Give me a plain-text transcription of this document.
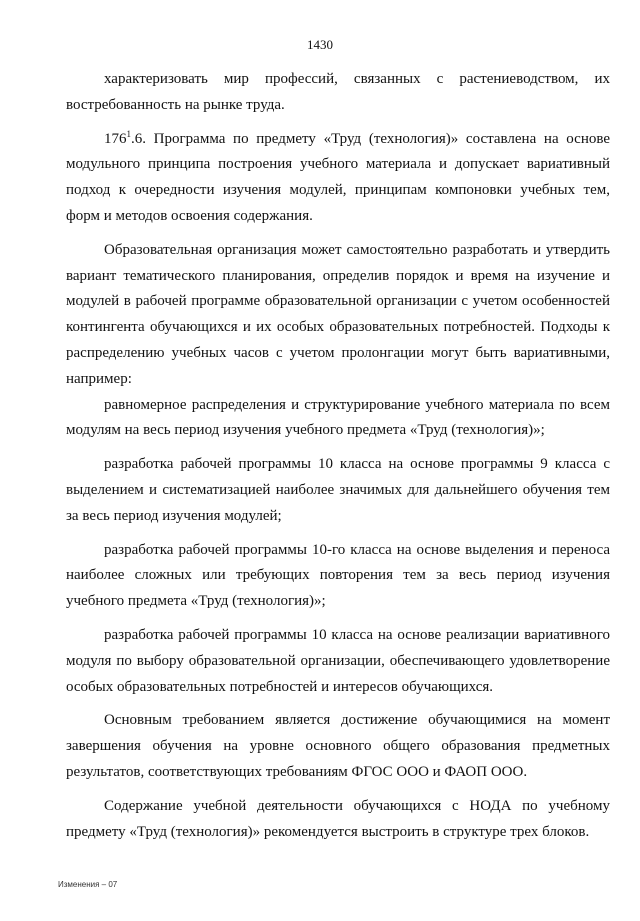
1430

характеризовать мир профессий, связанных с растениеводством, их востребованность на рынке труда.

$176^1.6$. Программа по предмету «Труд (технология)» составлена на основе модульного принципа построения учебного материала и допускает вариативный подход к очередности изучения модулей, принципам компоновки учебных тем, форм и методов освоения содержания.

Образовательная организация может самостоятельно разработать и утвердить вариант тематического планирования, определив порядок и время на изучение и модулей в рабочей программе образовательной организации с учетом особенностей контингента обучающихся и их особых образовательных потребностей. Подходы к распределению учебных часов с учетом пролонгации могут быть вариативными, например:

равномерное распределения и структурирование учебного материала по всем модулям на весь период изучения учебного предмета «Труд (технология)»;

разработка рабочей программы 10 класса на основе программы 9 класса с выделением и систематизацией наиболее значимых для дальнейшего обучения тем за весь период изучения модулей;

разработка рабочей программы 10-го класса на основе выделения и переноса наиболее сложных или требующих повторения тем за весь период изучения учебного предмета «Труд (технология)»;

разработка рабочей программы 10 класса на основе реализации вариативного модуля по выбору образовательной организации, обеспечивающего удовлетворение особых образовательных потребностей и интересов обучающихся.

Основным требованием является достижение обучающимися на момент завершения обучения на уровне основного общего образования предметных результатов, соответствующих требованиям ФГОС ООО и ФАОП ООО.

Содержание учебной деятельности обучающихся с НОДА по учебному предмету «Труд (технология)» рекомендуется выстроить в структуре трех блоков.

Изменения – 07
